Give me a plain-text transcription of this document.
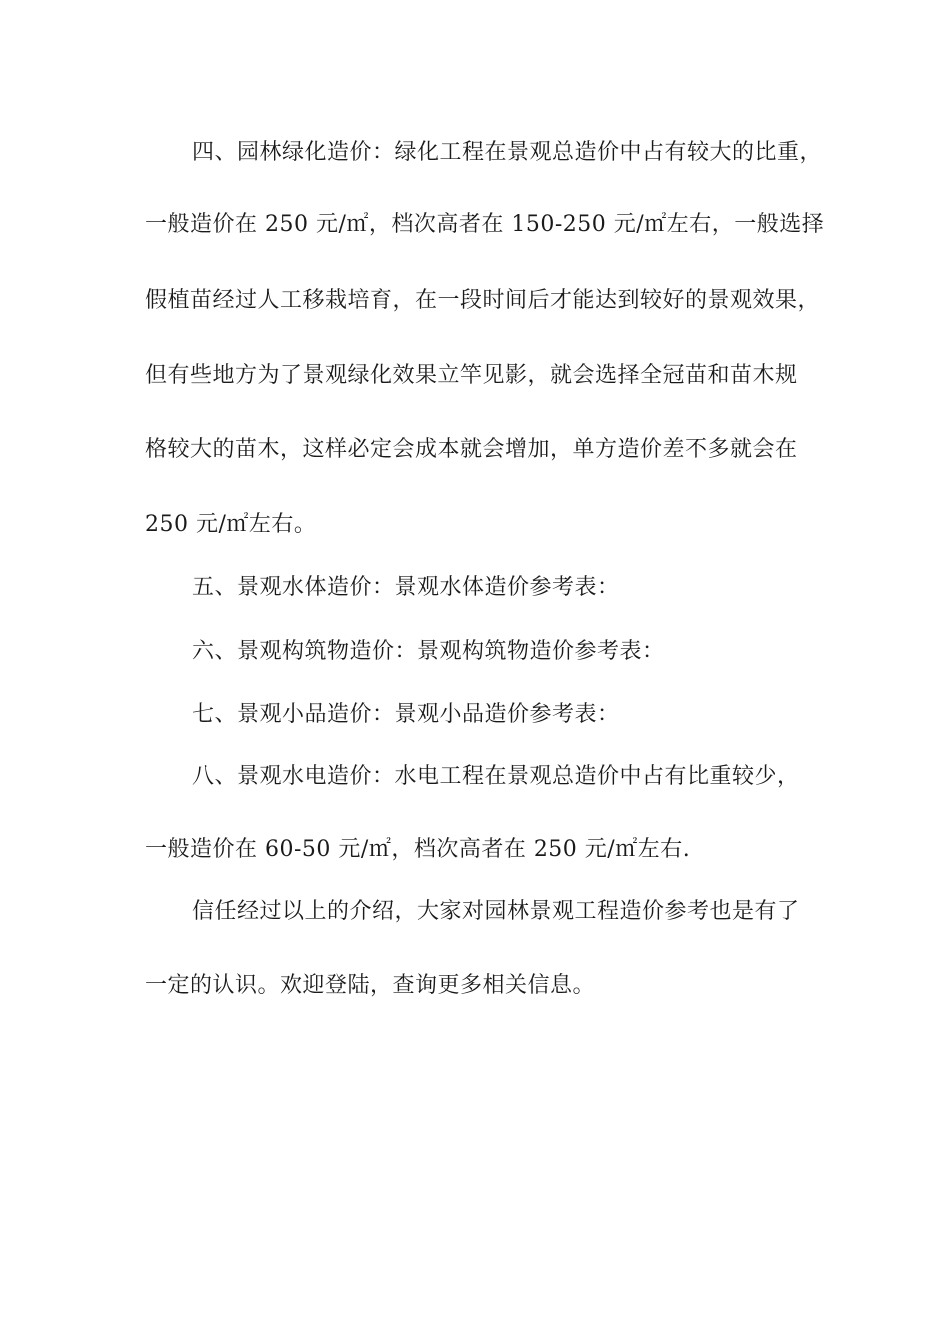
四、园林绿化造价：绿化工程在景观总造价中占有较大的比重，
一般造价在 250 元/㎡，档次高者在 150-250 元/㎡左右，一般选择
假植苗经过人工移栽培育，在一段时间后才能达到较好的景观效果，
但有些地方为了景观绿化效果立竿见影，就会选择全冠苗和苗木规
格较大的苗木，这样必定会成本就会增加，单方造价差不多就会在
250 元/㎡左右。
五、景观水体造价：景观水体造价参考表：
六、景观构筑物造价：景观构筑物造价参考表：
七、景观小品造价：景观小品造价参考表：
八、景观水电造价：水电工程在景观总造价中占有比重较少，
一般造价在 60-50 元/㎡，档次高者在 250 元/㎡左右.
信任经过以上的介绍，大家对园林景观工程造价参考也是有了
一定的认识。欢迎登陆，查询更多相关信息。
